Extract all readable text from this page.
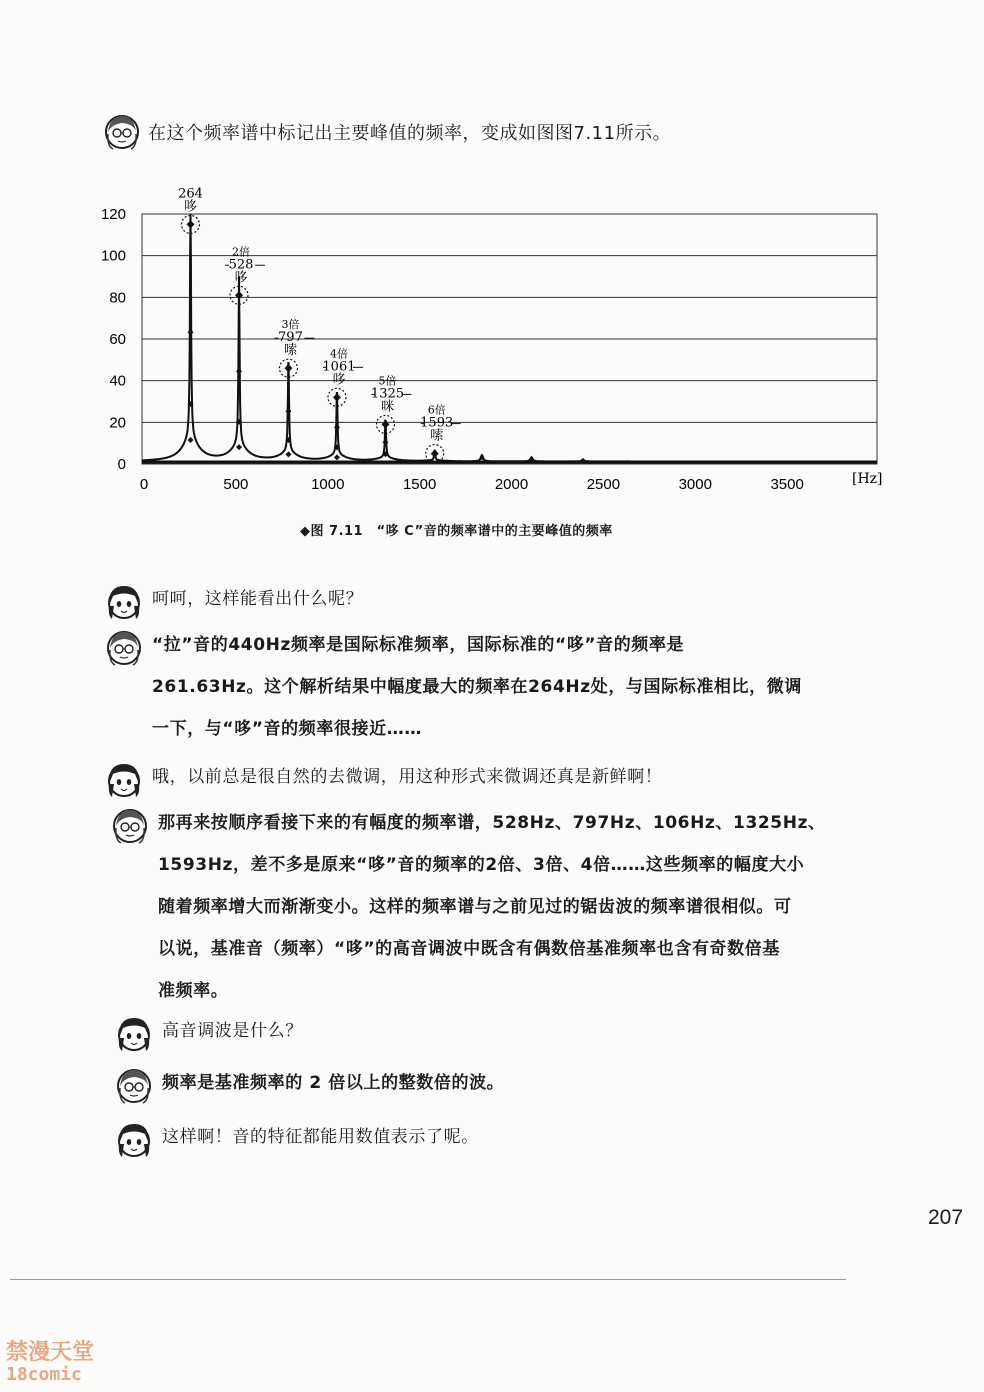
在这个频率谱中标记出主要峰值的频率，变成如图图7.11所示。
0
20
40
60
80
100
120
0	500	1000	1500	2000	2500	3000	3500
264
哆
2倍
528
哆
3倍
797
嗦	4倍
1061
哆	5倍
1325
咪	6倍
1593
嗦
[Hz]
◆图 7.11　“哆 C”音的频率谱中的主要峰值的频率
呵呵，这样能看出什么呢？
“拉”音的440Hz频率是国际标准频率，国际标准的“哆”音的频率是
261.63Hz。这个解析结果中幅度最大的频率在264Hz处，与国际标准相比，微调
一下，与“哆”音的频率很接近……
哦，以前总是很自然的去微调，用这种形式来微调还真是新鲜啊！
那再来按顺序看接下来的有幅度的频率谱，528Hz、797Hz、106Hz、1325Hz、
1593Hz，差不多是原来“哆”音的频率的2倍、3倍、4倍……这些频率的幅度大小
随着频率增大而渐渐变小。这样的频率谱与之前见过的锯齿波的频率谱很相似。可
以说，基准音（频率）“哆”的高音调波中既含有偶数倍基准频率也含有奇数倍基
准频率。
高音调波是什么？
频率是基准频率的 2 倍以上的整数倍的波。
这样啊！音的特征都能用数值表示了呢。
207
禁漫天堂
18comic
